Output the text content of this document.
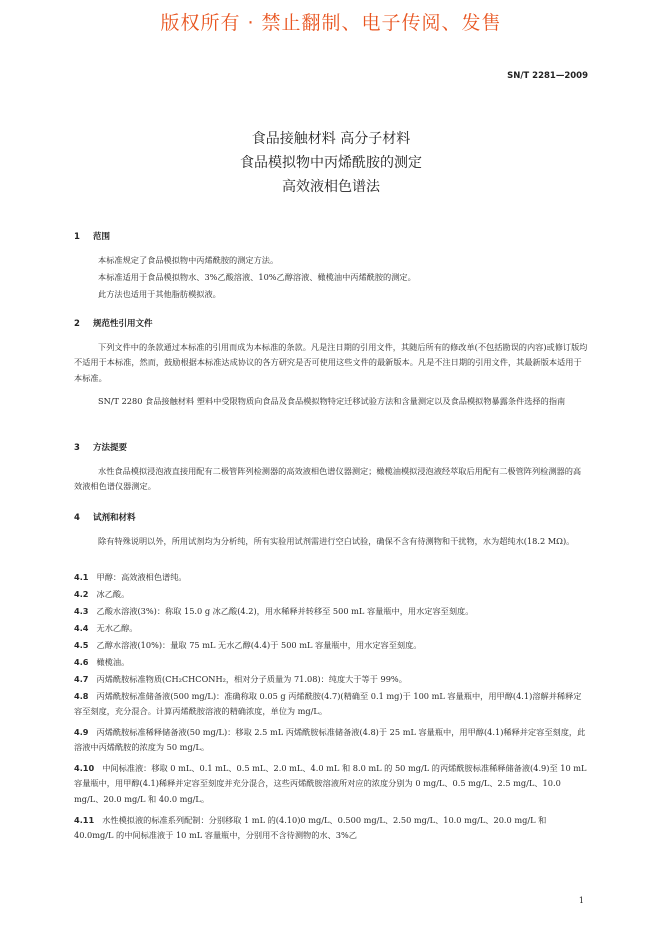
版权所有 · 禁止翻制、电子传阅、发售
SN/T 2281—2009
食品接触材料 高分子材料
食品模拟物中丙烯酰胺的测定
高效液相色谱法
1 范围
本标准规定了食品模拟物中丙烯酰胺的测定方法。
本标准适用于食品模拟物水、3%乙酸溶液、10%乙醇溶液、橄榄油中丙烯酰胺的测定。
此方法也适用于其他脂肪模拟液。
2 规范性引用文件
下列文件中的条款通过本标准的引用而成为本标准的条款。凡是注日期的引用文件，其随后所有的修改单(不包括勘误的内容)或修订版均不适用于本标准，然而，鼓励根据本标准达成协议的各方研究是否可使用这些文件的最新版本。凡是不注日期的引用文件，其最新版本适用于本标准。
SN/T 2280 食品接触材料 塑料中受限物质向食品及食品模拟物特定迁移试验方法和含量测定以及食品模拟物暴露条件选择的指南
3 方法提要
水性食品模拟浸泡液直接用配有二极管阵列检测器的高效液相色谱仪器测定；橄榄油模拟浸泡液经萃取后用配有二极管阵列检测器的高效液相色谱仪器测定。
4 试剂和材料
除有特殊说明以外，所用试剂均为分析纯，所有实验用试剂需进行空白试验，确保不含有待测物和干扰物，水为超纯水(18.2 MΩ)。
4.1 甲醇：高效液相色谱纯。
4.2 冰乙酸。
4.3 乙酸水溶液(3%)：称取 15.0 g 冰乙酸(4.2)，用水稀释并转移至 500 mL 容量瓶中，用水定容至刻度。
4.4 无水乙醇。
4.5 乙醇水溶液(10%)：量取 75 mL 无水乙醇(4.4)于 500 mL 容量瓶中，用水定容至刻度。
4.6 橄榄油。
4.7 丙烯酰胺标准物质(CH₂CHCONH₂，相对分子质量为 71.08)：纯度大于等于 99%。
4.8 丙烯酰胺标准储备液(500 mg/L)：准确称取 0.05 g 丙烯酰胺(4.7)(精确至 0.1 mg)于 100 mL 容量瓶中，用甲醇(4.1)溶解并稀释定容至刻度，充分混合。计算丙烯酰胺溶液的精确浓度，单位为 mg/L。
4.9 丙烯酰胺标准稀释储备液(50 mg/L)：移取 2.5 mL 丙烯酰胺标准储备液(4.8)于 25 mL 容量瓶中，用甲醇(4.1)稀释并定容至刻度，此溶液中丙烯酰胺的浓度为 50 mg/L。
4.10 中间标准液：移取 0 mL、0.1 mL、0.5 mL、2.0 mL、4.0 mL 和 8.0 mL 的 50 mg/L 的丙烯酰胺标准稀释储备液(4.9)至 10 mL 容量瓶中，用甲醇(4.1)稀释并定容至刻度并充分混合，这些丙烯酰胺溶液所对应的浓度分别为 0 mg/L、0.5 mg/L、2.5 mg/L、10.0 mg/L、20.0 mg/L 和 40.0 mg/L。
4.11 水性模拟液的标准系列配制：分别移取 1 mL 的(4.10)0 mg/L、0.500 mg/L、2.50 mg/L、10.0 mg/L、20.0 mg/L 和 40.0mg/L 的中间标准液于 10 mL 容量瓶中，分别用不含待测物的水、3%乙
1
